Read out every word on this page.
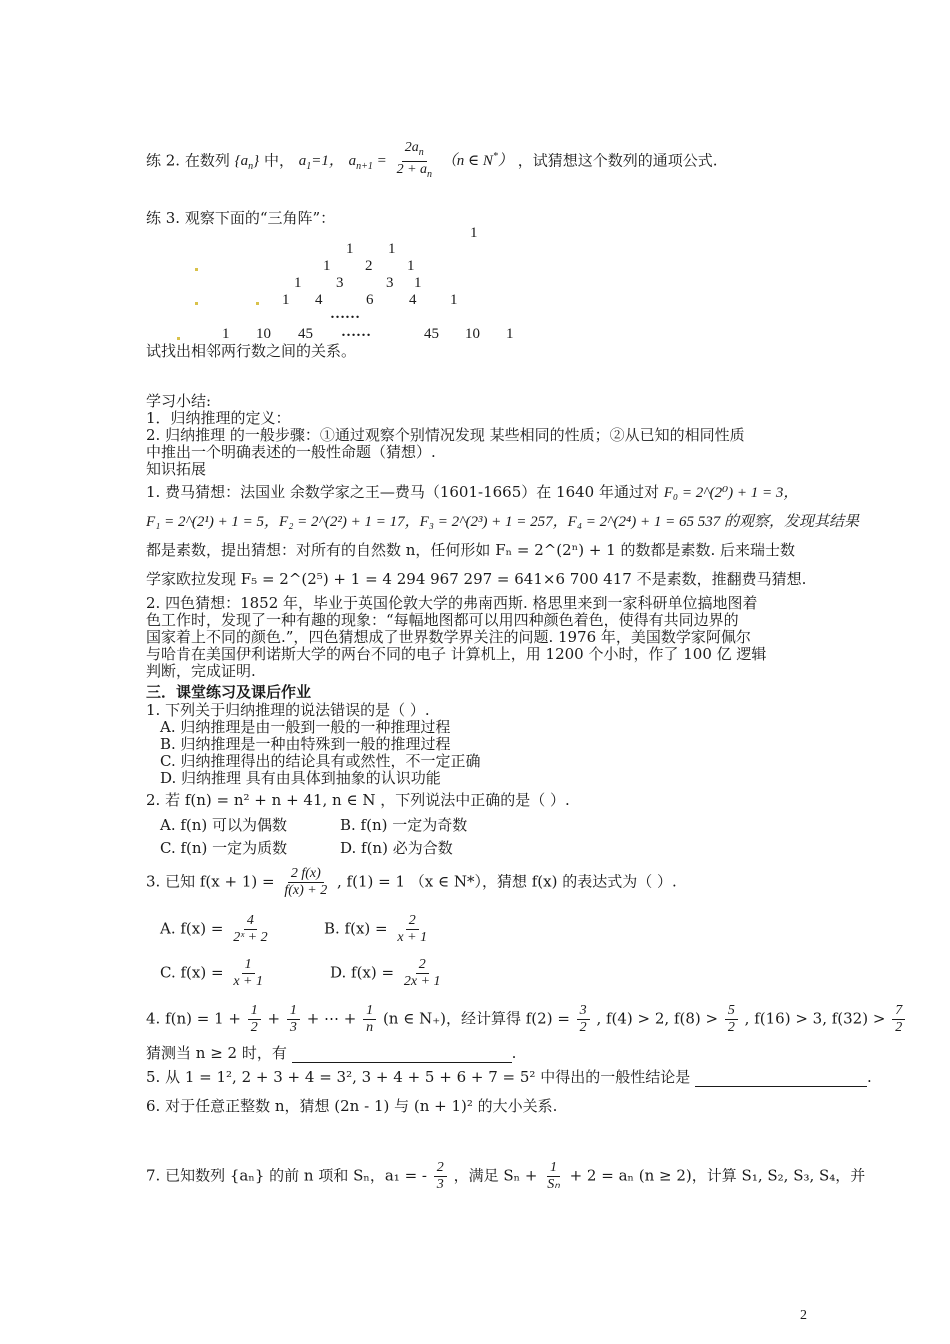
练 2. 在数列 $\{a_n\}$ 中， $a_1=1$， $a_{n+1} = \frac{2a_n}{2 + a_n} (n$ ∈ N*） ，试猜想这个数列的通项公式.
练 3. 观察下面的“三角阵”：
1
1 1
1 2 1
1 3	3 1
1 4	6 4 1
……
1 10 45 ……	45 10 1
试找出相邻两行数之间的关系。
学习小结:
1．归纳推理的定义：
2. 归纳推理 的一般步骤：①通过观察个别情况发现 某些相同的性质；②从已知的相同性质
中推出一个明确表述的一般性命题（猜想）.
知识拓展
1. 费马猜想：法国业 余数学家之王—费马（1601-1665）在 1640 年通过对 F₀ = 2^(2⁰) + 1 = 3，
F₁ = 2^(2¹) + 1 = 5，F₂ = 2^(2²) + 1 = 17，F₃ = 2^(2³) + 1 = 257，F₄ = 2^(2⁴) + 1 = 65 537 的观察，发现其结果
都是素数，提出猜想：对所有的自然数 n，任何形如 Fₙ = 2^(2ⁿ) + 1 的数都是素数. 后来瑞士数
学家欧拉发现 F₅ = 2^(2⁵) + 1 = 4 294 967 297 = 641×6 700 417 不是素数，推翻费马猜想.
2. 四色猜想：1852 年，毕业于英国伦敦大学的弗南西斯. 格思里来到一家科研单位搞地图着
色工作时，发现了一种有趣的现象：“每幅地图都可以用四种颜色着色，使得有共同边界的
国家着上不同的颜色.”，四色猜想成了世界数学界关注的问题. 1976 年，美国数学家阿佩尔
与哈肯在美国伊利诺斯大学的两台不同的电子 计算机上，用 1200 个小时，作了 100 亿 逻辑
判断，完成证明.
三．课堂练习及课后作业
1. 下列关于归纳推理的说法错误的是（ ）.
A. 归纳推理是由一般到一般的一种推理过程
B. 归纳推理是一种由特殊到一般的推理过程
C. 归纳推理得出的结论具有或然性，不一定正确
D. 归纳推理 具有由具体到抽象的认识功能
2. 若 f(n) = n² + n + 41, n ∈ N ，下列说法中正确的是（ ）.
A. f(n) 可以为偶数	B. f(n) 一定为奇数
C. f(n) 一定为质数	D. f(n) 必为合数
3. 已知 $f(x + 1) = \frac{2 f(x)}{f(x) + 2}$ , f(1) = 1 （x ∈ N*），猜想 f(x) 的表达式为（ ）.
A. $f(x) = \frac{4}{\text{2ˣ + 2}}$	B. $f(x) = \frac{2}{x + 1}$
C. $f(x) = \frac{1}{x + 1}$	D. $f(x) = \frac{2}{2x + 1}$
4. $f(n) = 1 + \frac{1}{2} + \frac{1}{3}$ + ⋯ + $\frac{1}{n} (n$ ∈ N₊)，经计算得 $f(2) = \frac{3}{2}$ , f(4) > 2, $f(8) > \frac{5}{2}$ , f(16) > 3, $f(32) > \frac{7}{2}$
猜测当 n ≥ 2 时，有	.
5. 从 1 = 1², 2 + 3 + 4 = 3², 3 + 4 + 5 + 6 + 7 = 5² 中得出的一般性结论是	.
6. 对于任意正整数 n，猜想 (2n - 1) 与 (n + 1)² 的大小关系.
7. 已知数列 {aₙ} 的前 n 项和 Sₙ，a₁ = - $\frac{2}{3}$ ，满足 $S_n + \frac{1}{\text{Sₙ}} + 2 = a_n$ (n ≥ 2)，计算 S₁, S₂, S₃, S₄，并
2
